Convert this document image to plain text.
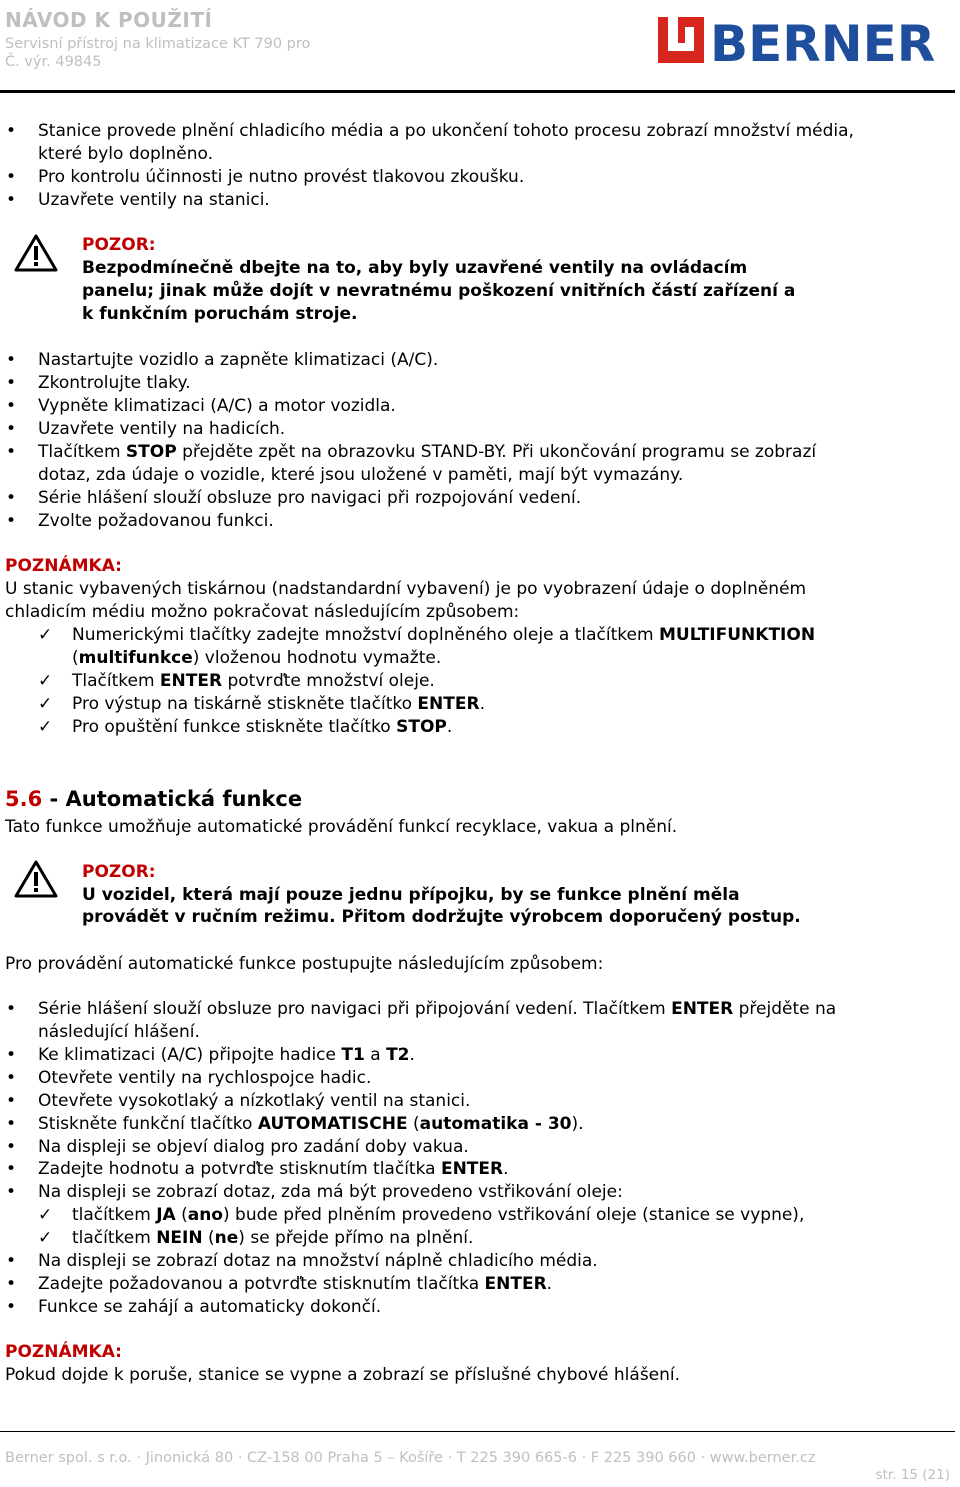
NÁVOD K POUŽITÍ
Servisní přístroj na klimatizace KT 790 pro
Č. výr. 49845	BERNER
• Stanice provede plnění chladicího média a po ukončení tohoto procesu zobrazí množství média,
které bylo doplněno.
• Pro kontrolu účinnosti je nutno provést tlakovou zkoušku.
• Uzavřete ventily na stanici.
POZOR:
Bezpodmínečně dbejte na to, aby byly uzavřené ventily na ovládacím
panelu; jinak může dojít v nevratnému poškození vnitřních částí zařízení a
k funkčním poruchám stroje.
• Nastartujte vozidlo a zapněte klimatizaci (A/C).
• Zkontrolujte tlaky.
• Vypněte klimatizaci (A/C) a motor vozidla.
• Uzavřete ventily na hadicích.
• Tlačítkem STOP přejděte zpět na obrazovku STAND-BY. Při ukončování programu se zobrazí
dotaz, zda údaje o vozidle, které jsou uložené v paměti, mají být vymazány.
• Série hlášení slouží obsluze pro navigaci při rozpojování vedení.
• Zvolte požadovanou funkci.
POZNÁMKA:
U stanic vybavených tiskárnou (nadstandardní vybavení) je po vyobrazení údaje o doplněném
chladicím médiu možno pokračovat následujícím způsobem:
✓ Numerickými tlačítky zadejte množství doplněného oleje a tlačítkem MULTIFUNKTION
(multifunkce) vloženou hodnotu vymažte.
✓ Tlačítkem ENTER potvrďte množství oleje.
✓ Pro výstup na tiskárně stiskněte tlačítko ENTER.
✓ Pro opuštění funkce stiskněte tlačítko STOP.
5.6 - Automatická funkce
Tato funkce umožňuje automatické provádění funkcí recyklace, vakua a plnění.
POZOR:
U vozidel, která mají pouze jednu přípojku, by se funkce plnění měla
provádět v ručním režimu. Přitom dodržujte výrobcem doporučený postup.
Pro provádění automatické funkce postupujte následujícím způsobem:
• Série hlášení slouží obsluze pro navigaci při připojování vedení. Tlačítkem ENTER přejděte na
následující hlášení.
• Ke klimatizaci (A/C) připojte hadice T1 a T2.
• Otevřete ventily na rychlospojce hadic.
• Otevřete vysokotlaký a nízkotlaký ventil na stanici.
• Stiskněte funkční tlačítko AUTOMATISCHE (automatika - 30).
• Na displeji se objeví dialog pro zadání doby vakua.
• Zadejte hodnotu a potvrďte stisknutím tlačítka ENTER.
• Na displeji se zobrazí dotaz, zda má být provedeno vstřikování oleje:
✓ tlačítkem JA (ano) bude před plněním provedeno vstřikování oleje (stanice se vypne),
✓ tlačítkem NEIN (ne) se přejde přímo na plnění.
• Na displeji se zobrazí dotaz na množství náplně chladicího média.
• Zadejte požadovanou a potvrďte stisknutím tlačítka ENTER.
• Funkce se zahájí a automaticky dokončí.
POZNÁMKA:
Pokud dojde k poruše, stanice se vypne a zobrazí se příslušné chybové hlášení.
Berner spol. s r.o. · Jinonická 80 · CZ-158 00 Praha 5 – Košíře · T 225 390 665-6 · F 225 390 660 · www.berner.cz
str. 15 (21)
